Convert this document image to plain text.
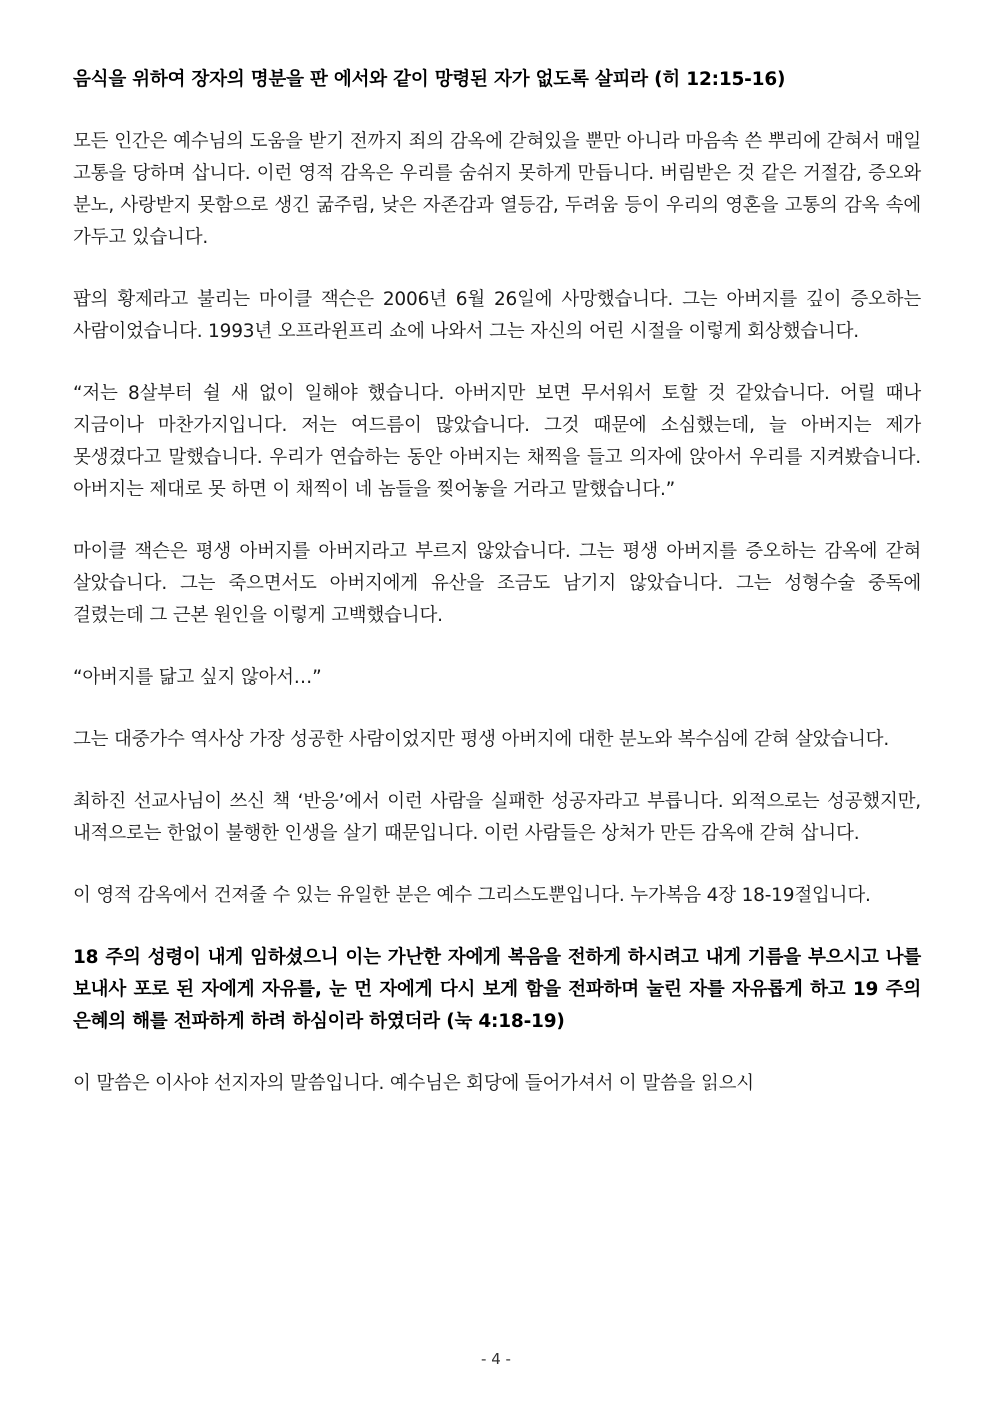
음식을 위하여 장자의 명분을 판 에서와 같이 망령된 자가 없도록 살피라 (히 12:15-16)

모든 인간은 예수님의 도움을 받기 전까지 죄의 감옥에 갇혀있을 뿐만 아니라 마음속 쓴 뿌리에 갇혀서 매일 고통을 당하며 삽니다. 이런 영적 감옥은 우리를 숨쉬지 못하게 만듭니다. 버림받은 것 같은 거절감, 증오와 분노, 사랑받지 못함으로 생긴 굶주림, 낮은 자존감과 열등감, 두려움 등이 우리의 영혼을 고통의 감옥 속에 가두고 있습니다.

팝의 황제라고 불리는 마이클 잭슨은 2006년 6월 26일에 사망했습니다. 그는 아버지를 깊이 증오하는 사람이었습니다. 1993년 오프라윈프리 쇼에 나와서 그는 자신의 어린 시절을 이렇게 회상했습니다.

“저는 8살부터 쉴 새 없이 일해야 했습니다. 아버지만 보면 무서워서 토할 것 같았습니다. 어릴 때나 지금이나 마찬가지입니다. 저는 여드름이 많았습니다. 그것 때문에 소심했는데, 늘 아버지는 제가 못생겼다고 말했습니다. 우리가 연습하는 동안 아버지는 채찍을 들고 의자에 앉아서 우리를 지켜봤습니다. 아버지는 제대로 못 하면 이 채찍이 네 놈들을 찢어놓을 거라고 말했습니다.”

마이클 잭슨은 평생 아버지를 아버지라고 부르지 않았습니다. 그는 평생 아버지를 증오하는 감옥에 갇혀 살았습니다. 그는 죽으면서도 아버지에게 유산을 조금도 남기지 않았습니다. 그는 성형수술 중독에 걸렸는데 그 근본 원인을 이렇게 고백했습니다.

“아버지를 닮고 싶지 않아서…”

그는 대중가수 역사상 가장 성공한 사람이었지만 평생 아버지에 대한 분노와 복수심에 갇혀 살았습니다.

최하진 선교사님이 쓰신 책 ‘반응’에서 이런 사람을 실패한 성공자라고 부릅니다. 외적으로는 성공했지만, 내적으로는 한없이 불행한 인생을 살기 때문입니다. 이런 사람들은 상처가 만든 감옥애 갇혀 삽니다.

이 영적 감옥에서 건져줄 수 있는 유일한 분은 예수 그리스도뿐입니다. 누가복음 4장 18-19절입니다.

18 주의 성령이 내게 임하셨으니 이는 가난한 자에게 복음을 전하게 하시려고 내게 기름을 부으시고 나를 보내사 포로 된 자에게 자유를, 눈 먼 자에게 다시 보게 함을 전파하며 눌린 자를 자유롭게 하고 19 주의 은혜의 해를 전파하게 하려 하심이라 하였더라 (눅 4:18-19)

이 말씀은 이사야 선지자의 말씀입니다. 예수님은 회당에 들어가셔서 이 말씀을 읽으시

- 4 -
